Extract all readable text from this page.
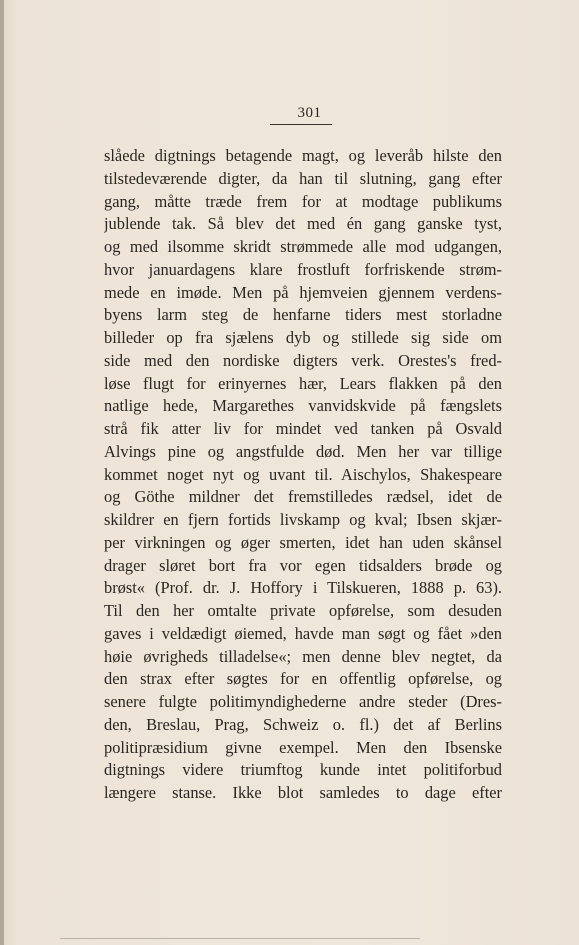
301
slåede digtnings betagende magt, og leveråb hilste den
tilstedeværende digter, da han til slutning, gang efter
gang, måtte træde frem for at modtage publikums
jublende tak. Så blev det med én gang ganske tyst,
og med ilsomme skridt strømmede alle mod udgangen,
hvor januardagens klare frostluft forfriskende strøm-
mede en imøde. Men på hjemveien gjennem verdens-
byens larm steg de henfarne tiders mest storladne
billeder op fra sjælens dyb og stillede sig side om
side med den nordiske digters verk. Orestes's fred-
løse flugt for erinyernes hær, Lears flakken på den
natlige hede, Margarethes vanvidskvide på fængslets
strå fik atter liv for mindet ved tanken på Osvald
Alvings pine og angstfulde død. Men her var tillige
kommet noget nyt og uvant til. Aischylos, Shakespeare
og Göthe mildner det fremstilledes rædsel, idet de
skildrer en fjern fortids livskamp og kval; Ibsen skjær-
per virkningen og øger smerten, idet han uden skånsel
drager sløret bort fra vor egen tidsalders brøde og
brøst« (Prof. dr. J. Hoffory i Tilskueren, 1888 p. 63).
Til den her omtalte private opførelse, som desuden
gaves i veldædigt øiemed, havde man søgt og fået »den
høie øvrigheds tilladelse«; men denne blev negtet, da
den strax efter søgtes for en offentlig opførelse, og
senere fulgte politimyndighederne andre steder (Dres-
den, Breslau, Prag, Schweiz o. fl.) det af Berlins
politipræsidium givne exempel. Men den Ibsenske
digtnings videre triumftog kunde intet politiforbud
længere stanse. Ikke blot samledes to dage efter
